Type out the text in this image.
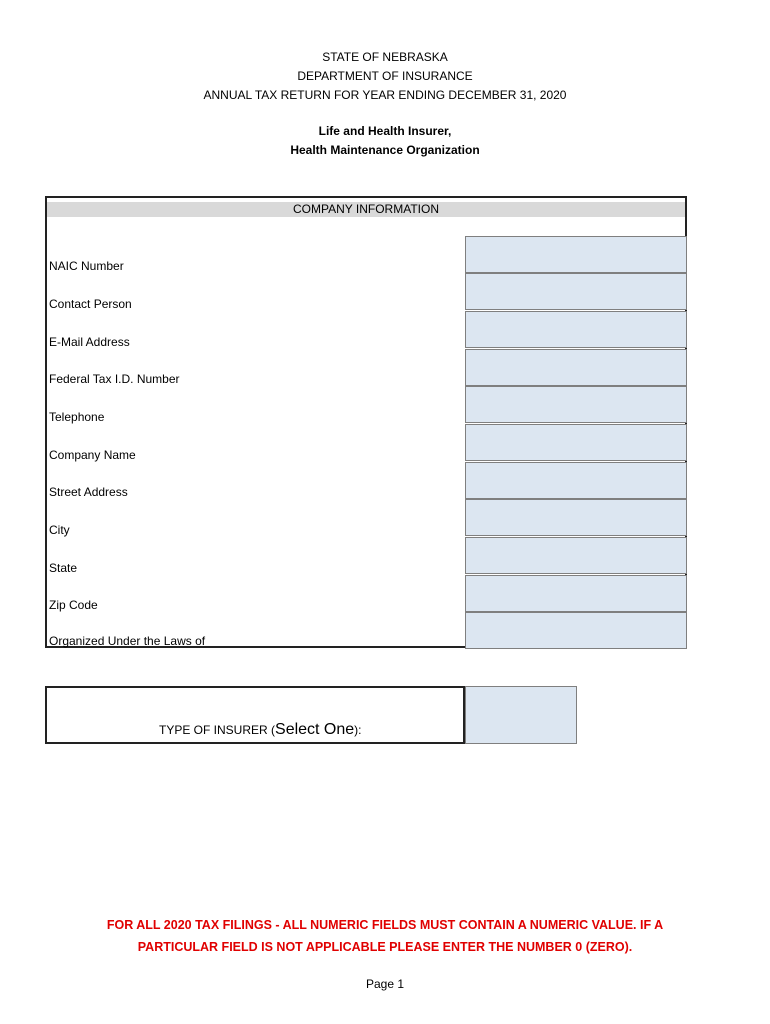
STATE OF NEBRASKA
DEPARTMENT OF INSURANCE
ANNUAL TAX RETURN FOR YEAR ENDING DECEMBER 31, 2020
Life and Health Insurer,
Health Maintenance Organization
COMPANY INFORMATION
NAIC Number
Contact Person
E-Mail Address
Federal Tax I.D. Number
Telephone
Company Name
Street Address
City
State
Zip Code
Organized Under the Laws of
TYPE OF INSURER (Select One):
FOR ALL 2020 TAX FILINGS - ALL NUMERIC FIELDS MUST CONTAIN A NUMERIC VALUE. IF A
PARTICULAR FIELD IS NOT APPLICABLE PLEASE ENTER THE NUMBER 0 (ZERO).
Page 1
